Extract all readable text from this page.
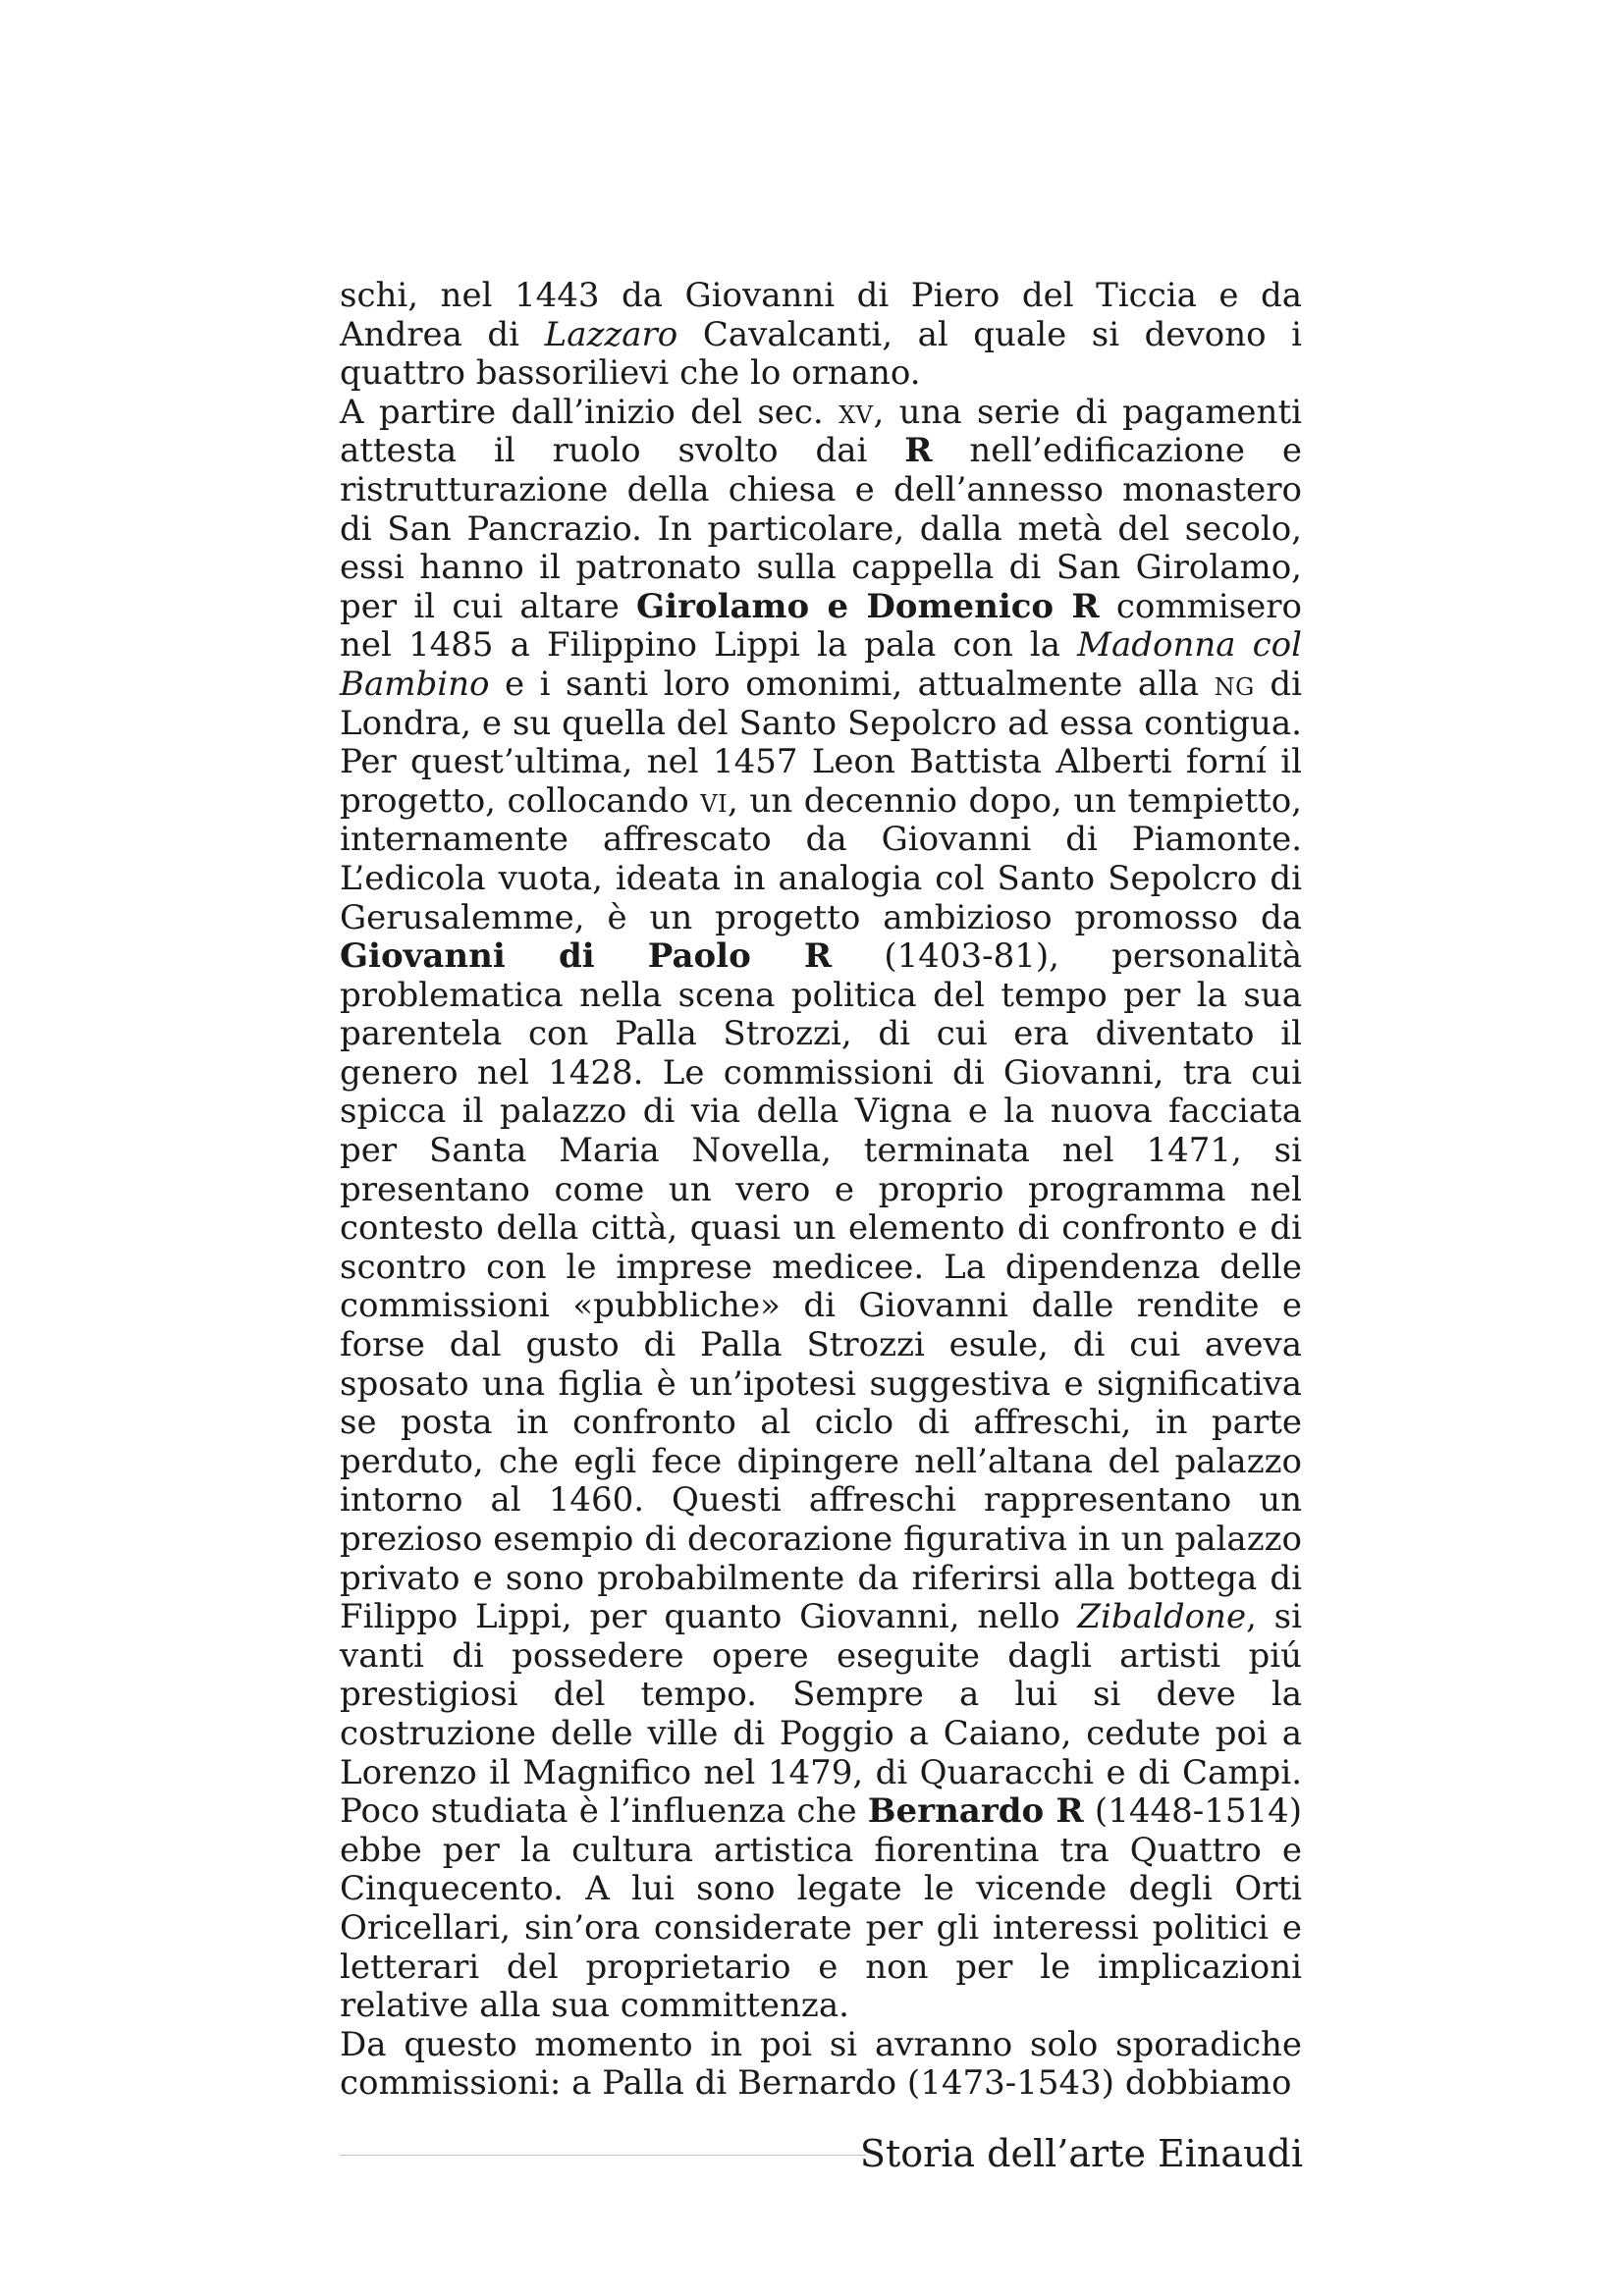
schi, nel 1443 da Giovanni di Piero del Ticcia e da Andrea di Lazzaro Cavalcanti, al quale si devono i quattro bassorilievi che lo ornano.

A partire dall’inizio del sec. xv, una serie di pagamenti attesta il ruolo svolto dai R nell’edificazione e ristrutturazione della chiesa e dell’annesso monastero di San Pancrazio. In particolare, dalla metà del secolo, essi hanno il patronato sulla cappella di San Girolamo, per il cui altare Girolamo e Domenico R commisero nel 1485 a Filippino Lippi la pala con la Madonna col Bambino e i santi loro omonimi, attualmente alla ng di Londra, e su quella del Santo Sepolcro ad essa contigua. Per quest’ultima, nel 1457 Leon Battista Alberti forní il progetto, collocando vi, un decennio dopo, un tempietto, internamente affrescato da Giovanni di Piamonte. L’edicola vuota, ideata in analogia col Santo Sepolcro di Gerusalemme, è un progetto ambizioso promosso da Giovanni di Paolo R (1403-81), personalità problematica nella scena politica del tempo per la sua parentela con Palla Strozzi, di cui era diventato il genero nel 1428. Le commissioni di Giovanni, tra cui spicca il palazzo di via della Vigna e la nuova facciata per Santa Maria Novella, terminata nel 1471, si presentano come un vero e proprio programma nel contesto della città, quasi un elemento di confronto e di scontro con le imprese medicee. La dipendenza delle commissioni «pubbliche» di Giovanni dalle rendite e forse dal gusto di Palla Strozzi esule, di cui aveva sposato una figlia è un’ipotesi suggestiva e significativa se posta in confronto al ciclo di affreschi, in parte perduto, che egli fece dipingere nell’altana del palazzo intorno al 1460. Questi affreschi rappresentano un prezioso esempio di decorazione figurativa in un palazzo privato e sono probabilmente da riferirsi alla bottega di Filippo Lippi, per quanto Giovanni, nello Zibaldone, si vanti di possedere opere eseguite dagli artisti piú prestigiosi del tempo. Sempre a lui si deve la costruzione delle ville di Poggio a Caiano, cedute poi a Lorenzo il Magnifico nel 1479, di Quaracchi e di Campi. Poco studiata è l’influenza che Bernardo R (1448-1514) ebbe per la cultura artistica fiorentina tra Quattro e Cinquecento. A lui sono legate le vicende degli Orti Oricellari, sin’ora considerate per gli interessi politici e letterari del proprietario e non per le implicazioni relative alla sua committenza.

Da questo momento in poi si avranno solo sporadiche commissioni: a Palla di Bernardo (1473-1543) dobbiamo

Storia dell’arte Einaudi
